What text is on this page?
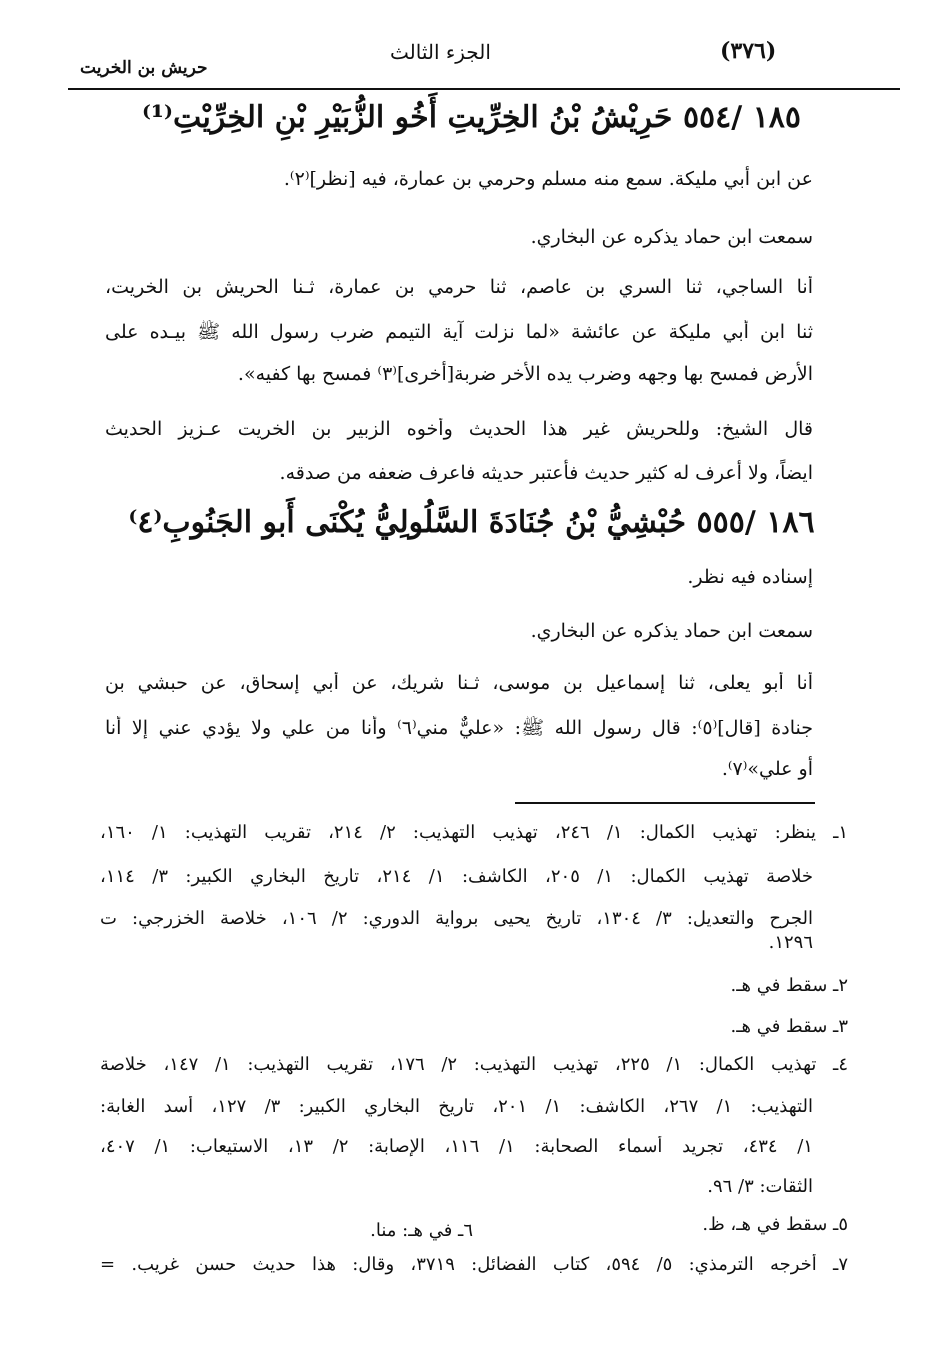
(٣٧٦)
الجزء الثالث
حريش بن الخريت
١٨٥ /٥٥٤ حَرِيْشُ بْنُ الخِرِّيتِ أَخُو الزُّبَيْرِ بْنِ الخِرِّيْتِ⁽¹⁾
عن ابن أبي مليكة. سمع منه مسلم وحرمي بن عمارة، فيه [نظر]⁽٢⁾.
سمعت ابن حماد يذكره عن البخاري.
أنا الساجي، ثنا السري بن عاصم، ثنا حرمي بن عمارة، ثـنا الحريش بن الخريت،
ثنا ابن أبي مليكة عن عائشة «لما نزلت آية التيمم ضرب رسول الله ﷺ بيـده على
الأرض فمسح بها وجهه وضرب يده الأخر ضربة[أخرى]⁽٣⁾ فمسح بها كفيه».
قال الشيخ: وللحريش غير هذا الحديث وأخوه الزبير بن الخريت عـزيز الحديث
ايضاً، ولا أعرف له كثير حديث فأعتبر حديثه فاعرف ضعفه من صدقه.
١٨٦ /٥٥٥ حُبْشِيُّ بْنُ جُنَادَةَ السَّلُولِيُّ يُكْنَى أَبو الجَنُوبِ⁽٤⁾
إسناده فيه نظر.
سمعت ابن حماد يذكره عن البخاري.
أنا أبو يعلى، ثنا إسماعيل بن موسى، ثـنا شريك، عن أبي إسحاق، عن حبشي بن
جنادة [قال]⁽٥⁾: قال رسول الله ﷺ: «عليٌّ مني⁽٦⁾ وأنا من علي ولا يؤدي عني إلا أنا
أو علي»⁽٧⁾.
١ـ ينظر: تهذيب الكمال: ١/ ٢٤٦، تهذيب التهذيب: ٢/ ٢١٤، تقريب التهذيب: ١/ ١٦٠،
خلاصة تهذيب الكمال: ١/ ٢٠٥، الكاشف: ١/ ٢١٤، تاريخ البخاري الكبير: ٣/ ١١٤،
الجرح والتعديل: ٣/ ١٣٠٤، تاريخ يحيى برواية الدوري: ٢/ ١٠٦، خلاصة الخزرجي: ت
١٢٩٦.
٢ـ سقط في هـ.
٣ـ سقط في هـ.
٤ـ تهذيب الكمال: ١/ ٢٢٥، تهذيب التهذيب: ٢/ ١٧٦، تقريب التهذيب: ١/ ١٤٧، خلاصة
التهذيب: ١/ ٢٦٧، الكاشف: ١/ ٢٠١، تاريخ البخاري الكبير: ٣/ ١٢٧، أسد الغابة:
١/ ٤٣٤، تجريد أسماء الصحابة: ١/ ١١٦، الإصابة: ٢/ ١٣، الاستيعاب: ١/ ٤٠٧،
الثقات: ٣/ ٩٦.
٥ـ سقط في هـ، ظ.
٦ـ في هـ: منا.
٧ـ أخرجه الترمذي: ٥/ ٥٩٤، كتاب الفضائل: ٣٧١٩، وقال: هذا حديث حسن غريب. =
